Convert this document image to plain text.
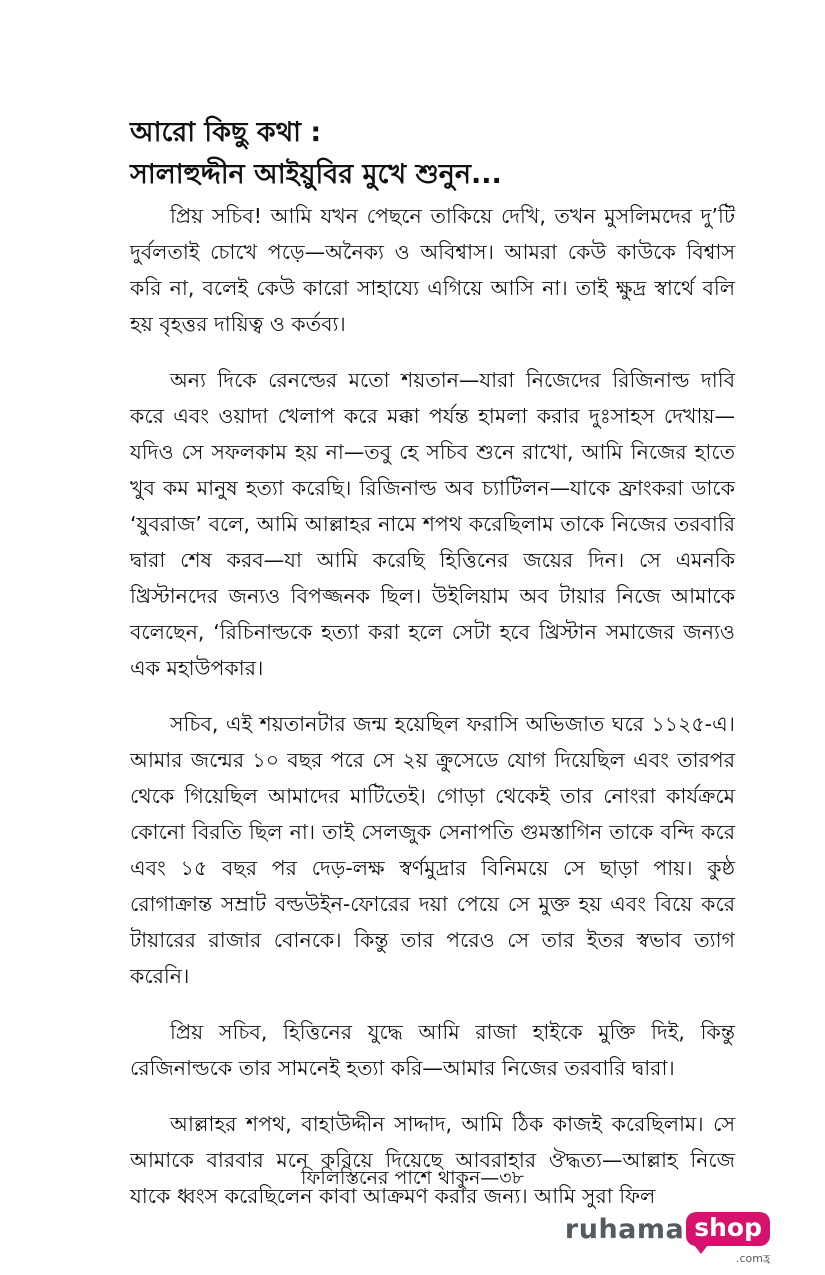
আরো কিছু কথা :
সালাহুদ্দীন আইয়ুবির মুখে শুনুন...

প্রিয় সচিব! আমি যখন পেছনে তাকিয়ে দেখি, তখন মুসলিমদের দু’টি দুর্বলতাই চোখে পড়ে—অনৈক্য ও অবিশ্বাস। আমরা কেউ কাউকে বিশ্বাস করি না, বলেই কেউ কারো সাহায্যে এগিয়ে আসি না। তাই ক্ষুদ্র স্বার্থে বলি হয় বৃহত্তর দায়িত্ব ও কর্তব্য।

অন্য দিকে রেনল্ডের মতো শয়তান—যারা নিজেদের রিজিনাল্ড দাবি করে এবং ওয়াদা খেলাপ করে মক্কা পর্যন্ত হামলা করার দুঃসাহস দেখায়—যদিও সে সফলকাম হয় না—তবু হে সচিব শুনে রাখো, আমি নিজের হাতে খুব কম মানুষ হত্যা করেছি। রিজিনাল্ড অব চ্যাটিলন—যাকে ফ্রাংকরা ডাকে ‘যুবরাজ’ বলে, আমি আল্লাহর নামে শপথ করেছিলাম তাকে নিজের তরবারি দ্বারা শেষ করব—যা আমি করেছি হিত্তিনের জয়ের দিন। সে এমনকি খ্রিস্টানদের জন্যও বিপজ্জনক ছিল। উইলিয়াম অব টায়ার নিজে আমাকে বলেছেন, ‘রিচিনাল্ডকে হত্যা করা হলে সেটা হবে খ্রিস্টান সমাজের জন্যও এক মহাউপকার।

সচিব, এই শয়তানটার জন্ম হয়েছিল ফরাসি অভিজাত ঘরে ১১২৫-এ। আমার জন্মের ১০ বছর পরে সে ২য় ক্রুসেডে যোগ দিয়েছিল এবং তারপর থেকে গিয়েছিল আমাদের মাটিতেই। গোড়া থেকেই তার নোংরা কার্যক্রমে কোনো বিরতি ছিল না। তাই সেলজুক সেনাপতি গুমস্তাগিন তাকে বন্দি করে এবং ১৫ বছর পর দেড়-লক্ষ স্বর্ণমুদ্রার বিনিময়ে সে ছাড়া পায়। কুষ্ঠ রোগাক্রান্ত সম্রাট বল্ডউইন-ফোরের দয়া পেয়ে সে মুক্ত হয় এবং বিয়ে করে টায়ারের রাজার বোনকে। কিন্তু তার পরেও সে তার ইতর স্বভাব ত্যাগ করেনি।

প্রিয় সচিব, হিত্তিনের যুদ্ধে আমি রাজা হাইকে মুক্তি দিই, কিন্তু রেজিনাল্ডকে তার সামনেই হত্যা করি—আমার নিজের তরবারি দ্বারা।

আল্লাহর শপথ, বাহাউদ্দীন সাদ্দাদ, আমি ঠিক কাজই করেছিলাম। সে আমাকে বারবার মনে করিয়ে দিয়েছে আবরাহার ঔদ্ধত্য—আল্লাহ নিজে যাকে ধ্বংস করেছিলেন কাবা আক্রমণ করার জন্য। আমি সুরা ফিল

ফিলিস্তিনের পাশে থাকুন—৩৮
ruhama shop
.comহ্র
